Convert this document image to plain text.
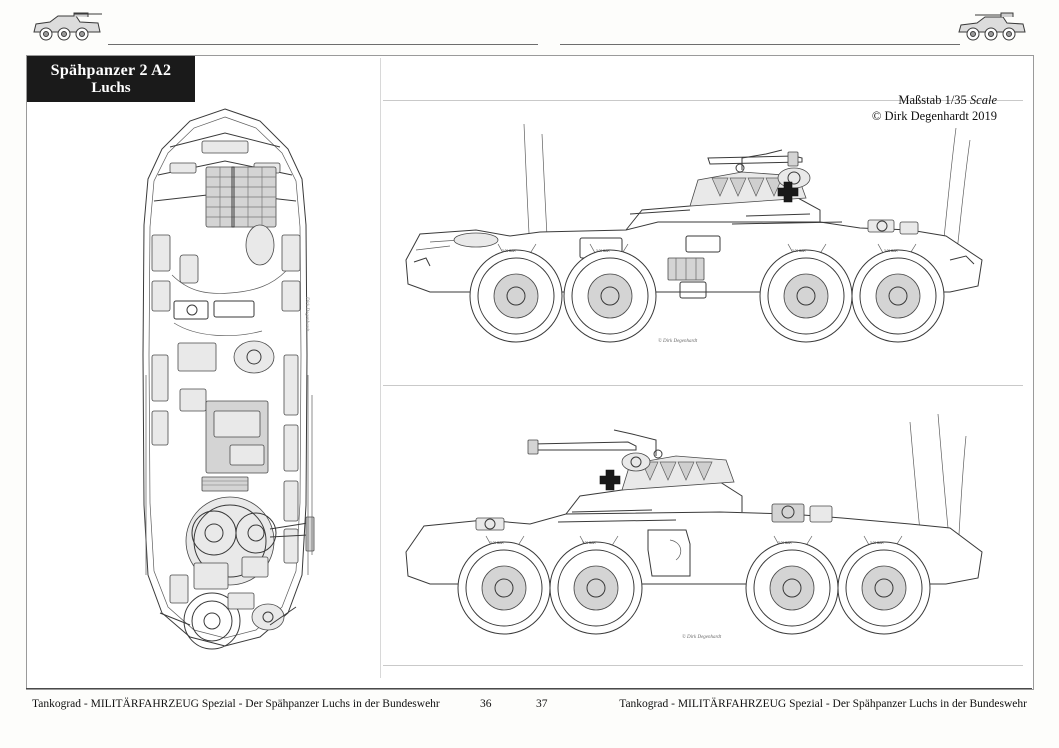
Spähpanzer 2 A2
Luchs
Maßstab 1/35 Scale
© Dirk Degenhardt 2019
Dirk Degenhardt
3.00 BAR	3.00 BAR	3.00 BAR	3.00 BAR
© Dirk Degenhardt
3.00 BAR	3.00 BAR	3.00 BAR	3.00 BAR
© Dirk Degenhardt
Tankograd - MILITÄRFAHRZEUG Spezial - Der Spähpanzer Luchs in der Bundeswehr	36	37	Tankograd - MILITÄRFAHRZEUG Spezial - Der Spähpanzer Luchs in der Bundeswehr
